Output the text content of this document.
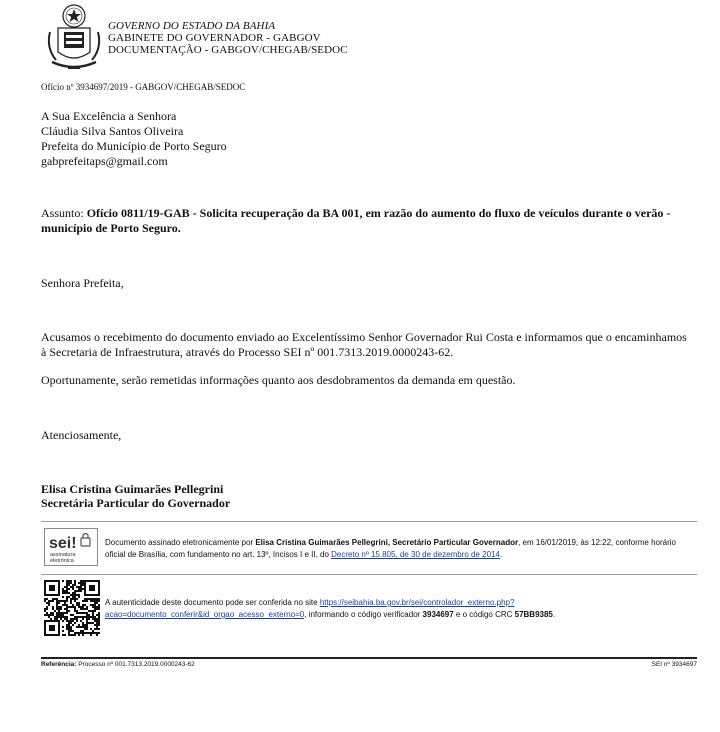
GOVERNO DO ESTADO DA BAHIA
GABINETE DO GOVERNADOR - GABGOV
DOCUMENTAÇÃO - GABGOV/CHEGAB/SEDOC
Ofício nº 3934697/2019 - GABGOV/CHEGAB/SEDOC
A Sua Excelência a Senhora
Cláudia Silva Santos Oliveira
Prefeita do Município de Porto Seguro
gabprefeitaps@gmail.com
Assunto: Ofício 0811/19-GAB - Solicita recuperação da BA 001, em razão do aumento do fluxo de veículos durante o verão - município de Porto Seguro.
Senhora Prefeita,
Acusamos o recebimento do documento enviado ao Excelentíssimo Senhor Governador Rui Costa e informamos que o encaminhamos à Secretaria de Infraestrutura, através do Processo SEI nº 001.7313.2019.0000243-62.
Oportunamente, serão remetidas informações quanto aos desdobramentos da demanda em questão.
Atenciosamente,
Elisa Cristina Guimarães Pellegrini
Secretária Particular do Governador
sei!
assinatura
eletrônica
Documento assinado eletronicamente por Elisa Cristina Guimarães Pellegrini, Secretário Particular Governador, em 16/01/2019, às 12:22, conforme horário oficial de Brasília, com fundamento no art. 13º, Incisos I e II, do Decreto nº 15.805, de 30 de dezembro de 2014.
A autenticidade deste documento pode ser conferida no site https://seibahia.ba.gov.br/sei/controlador_externo.php?acao=documento_conferir&id_orgao_acesso_externo=0, informando o código verificador 3934697 e o código CRC 57BB9385.
Referência: Processo nº 001.7313.2019.0000243-62	SEI nº 3934697
